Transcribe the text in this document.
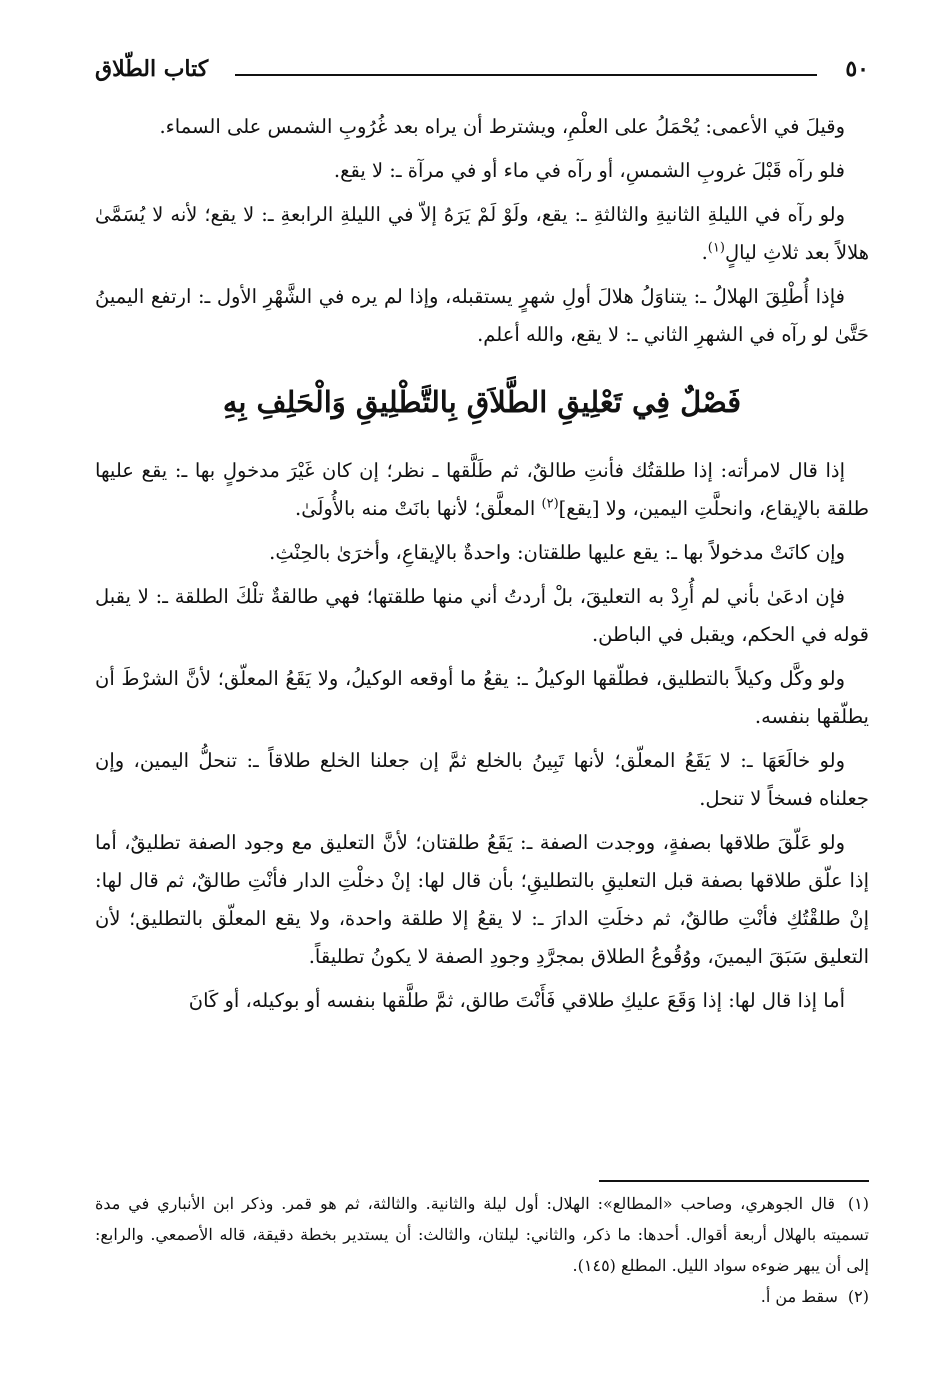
٥٠
كتاب الطّلاق

وقيلَ في الأعمى: يُحْمَلُ على العلْمِ، ويشترط أن يراه بعد غُرُوبِ الشمس على السماء.

فلو رآه قَبْلَ غروبِ الشمسِ، أو رآه في ماء أو في مرآة ـ: لا يقع.

ولو رآه في الليلةِ الثانيةِ والثالثةِ ـ: يقع، ولَوْ لَمْ يَرَهُ إلاّ في الليلةِ الرابعةِ ـ: لا يقع؛ لأنه لا يُسَمَّىٰ هلالاً بعد ثلاثِ ليالٍ$^{(١)}$.

فإذا أُطْلِقَ الهلالُ ـ: يتناوَلُ هلالَ أولِ شهرٍ يستقبله، وإذا لم يره في الشَّهْرِ الأول ـ: ارتفع اليمينُ حَتَّىٰ لو رآه في الشهرِ الثاني ـ: لا يقع، والله أعلم.

فَصْلٌ فِي تَعْلِيقِ الطَّلاَقِ بِالتَّطْلِيقِ وَالْحَلِفِ بِهِ

إذا قال لامرأته: إذا طلقتُك فأنتِ طالقٌ، ثم طَلَّقها ـ نظر؛ إن كان غَيْرَ مدخولٍ بها ـ: يقع عليها طلقة بالإيقاع، وانحلَّتِ اليمين، ولا [يقع]$^{(٢)}$ المعلَّق؛ لأنها بانَتْ منه بالأُولَىٰ.

وإن كانَتْ مدخولاً بها ـ: يقع عليها طلقتان: واحدةٌ بالإيقاعِ، وأخرَىٰ بالحِنْثِ.

فإن ادعَىٰ بأني لم أُرِدْ به التعليقَ، بلْ أردتُ أني منها طلقتها؛ فهي طالقةٌ تلْكَ الطلقة ـ: لا يقبل قوله في الحكم، ويقبل في الباطن.

ولو وكَّل وكيلاً بالتطليق، فطلّقها الوكيلُ ـ: يقعُ ما أوقعه الوكيلُ، ولا يَقَعُ المعلّق؛ لأنَّ الشرْطَ أن يطلّقها بنفسه.

ولو خالَعَهَا ـ: لا يَقَعُ المعلّق؛ لأنها تَبِينُ بالخلع ثمَّ إن جعلنا الخلع طلاقاً ـ: تنحلُّ اليمين، وإن جعلناه فسخاً لا تنحل.

ولو عَلّقَ طلاقها بصفةٍ، ووجدت الصفة ـ: يَقَعُ طلقتان؛ لأنَّ التعليق مع وجود الصفة تطليقٌ، أما إذا علّق طلاقها بصفة قبل التعليقِ بالتطليقِ؛ بأن قال لها: إنْ دخلْتِ الدار فأنْتِ طالقٌ، ثم قال لها: إنْ طلقْتُكِ فأنْتِ طالقٌ، ثم دخلَتِ الدارَ ـ: لا يقعُ إلا طلقة واحدة، ولا يقع المعلّق بالتطليق؛ لأن التعليق سَبَقَ اليمينَ، ووُقُوعُ الطلاق بمجرَّدِ وجودِ الصفة لا يكونُ تطليقاً.

أما إذا قال لها: إذا وَقَعَ عليكِ طلاقي فَأَنْتَ طالق، ثمَّ طلَّقها بنفسه أو بوكيله، أو كَانَ

(١) قال الجوهري، وصاحب «المطالع»: الهلال: أول ليلة والثانية. والثالثة، ثم هو قمر. وذكر ابن الأنباري في مدة تسميته بالهلال أربعة أقوال. أحدها: ما ذكر، والثاني: ليلتان، والثالث: أن يستدير بخطة دقيقة، قاله الأصمعي. والرابع: إلى أن يبهر ضوءه سواد الليل. المطلع (١٤٥).

(٢) سقط من أ.
